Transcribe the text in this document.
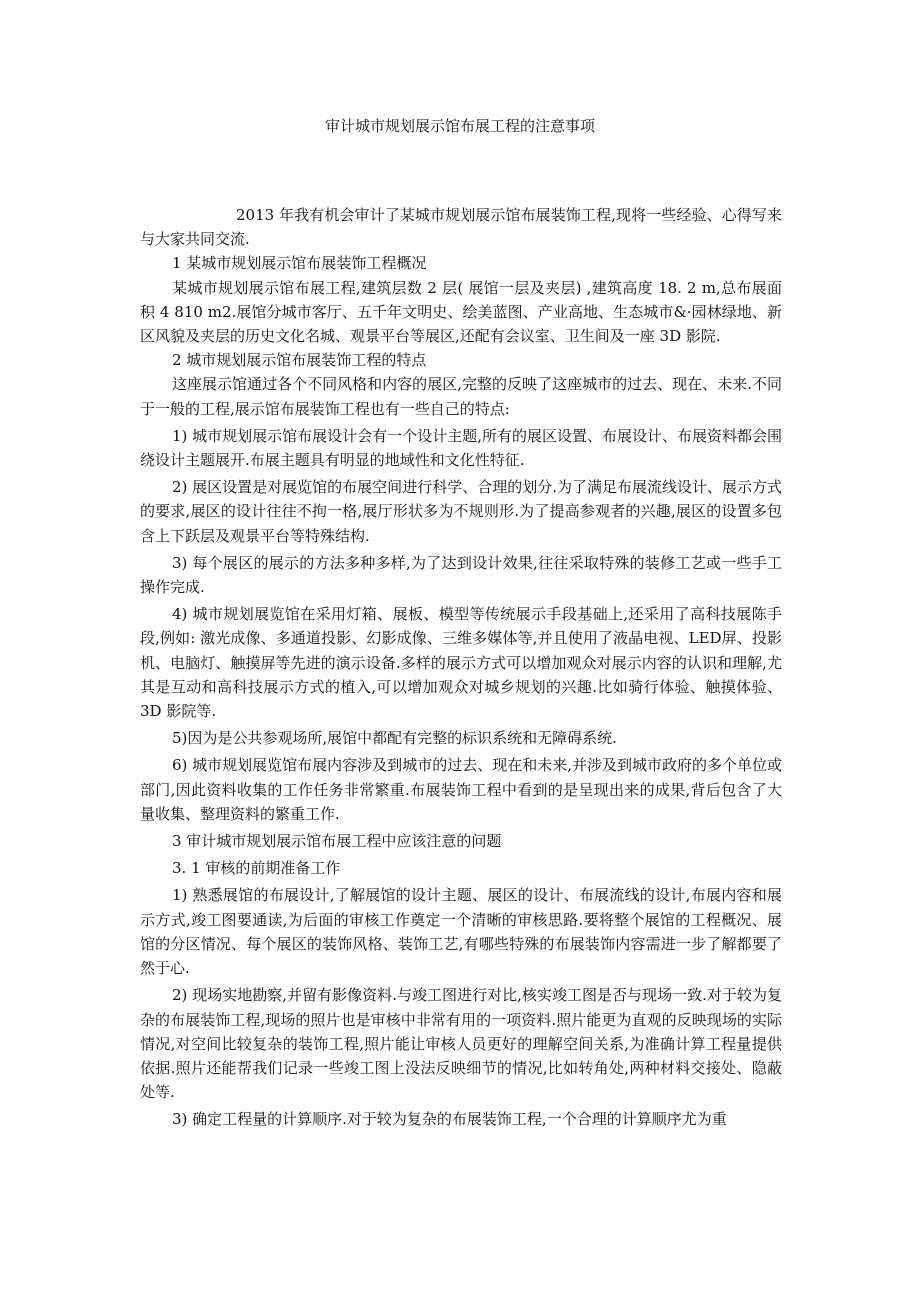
审计城市规划展示馆布展工程的注意事项

2013 年我有机会审计了某城市规划展示馆布展装饰工程,现将一些经验、心得写来与大家共同交流.

1 某城市规划展示馆布展装饰工程概况

某城市规划展示馆布展工程,建筑层数 2 层( 展馆一层及夹层) ,建筑高度 18. 2 m,总布展面积 4 810 m2.展馆分城市客厅、五千年文明史、绘美蓝图、产业高地、生态城市&·园林绿地、新区风貌及夹层的历史文化名城、观景平台等展区,还配有会议室、卫生间及一座 3D 影院.

2 城市规划展示馆布展装饰工程的特点

这座展示馆通过各个不同风格和内容的展区,完整的反映了这座城市的过去、现在、未来.不同于一般的工程,展示馆布展装饰工程也有一些自己的特点:

1) 城市规划展示馆布展设计会有一个设计主题,所有的展区设置、布展设计、布展资料都会围绕设计主题展开.布展主题具有明显的地域性和文化性特征.

2) 展区设置是对展览馆的布展空间进行科学、合理的划分.为了满足布展流线设计、展示方式的要求,展区的设计往往不拘一格,展厅形状多为不规则形.为了提高参观者的兴趣,展区的设置多包含上下跃层及观景平台等特殊结构.

3) 每个展区的展示的方法多种多样,为了达到设计效果,往往采取特殊的装修工艺或一些手工操作完成.

4) 城市规划展览馆在采用灯箱、展板、模型等传统展示手段基础上,还采用了高科技展陈手段,例如: 激光成像、多通道投影、幻影成像、三维多媒体等,并且使用了液晶电视、LED屏、投影机、电脑灯、触摸屏等先进的演示设备.多样的展示方式可以增加观众对展示内容的认识和理解,尤其是互动和高科技展示方式的植入,可以增加观众对城乡规划的兴趣.比如骑行体验、触摸体验、3D 影院等.

5)因为是公共参观场所,展馆中都配有完整的标识系统和无障碍系统.

6) 城市规划展览馆布展内容涉及到城市的过去、现在和未来,并涉及到城市政府的多个单位或部门,因此资料收集的工作任务非常繁重.布展装饰工程中看到的是呈现出来的成果,背后包含了大量收集、整理资料的繁重工作.

3 审计城市规划展示馆布展工程中应该注意的问题

3. 1 审核的前期准备工作

1) 熟悉展馆的布展设计,了解展馆的设计主题、展区的设计、布展流线的设计,布展内容和展示方式,竣工图要通读,为后面的审核工作奠定一个清晰的审核思路.要将整个展馆的工程概况、展馆的分区情况、每个展区的装饰风格、装饰工艺,有哪些特殊的布展装饰内容需进一步了解都要了然于心.

2) 现场实地勘察,并留有影像资料.与竣工图进行对比,核实竣工图是否与现场一致.对于较为复杂的布展装饰工程,现场的照片也是审核中非常有用的一项资料.照片能更为直观的反映现场的实际情况,对空间比较复杂的装饰工程,照片能让审核人员更好的理解空间关系,为准确计算工程量提供依据.照片还能帮我们记录一些竣工图上没法反映细节的情况,比如转角处,两种材料交接处、隐蔽处等.

3) 确定工程量的计算顺序.对于较为复杂的布展装饰工程,一个合理的计算顺序尤为重
